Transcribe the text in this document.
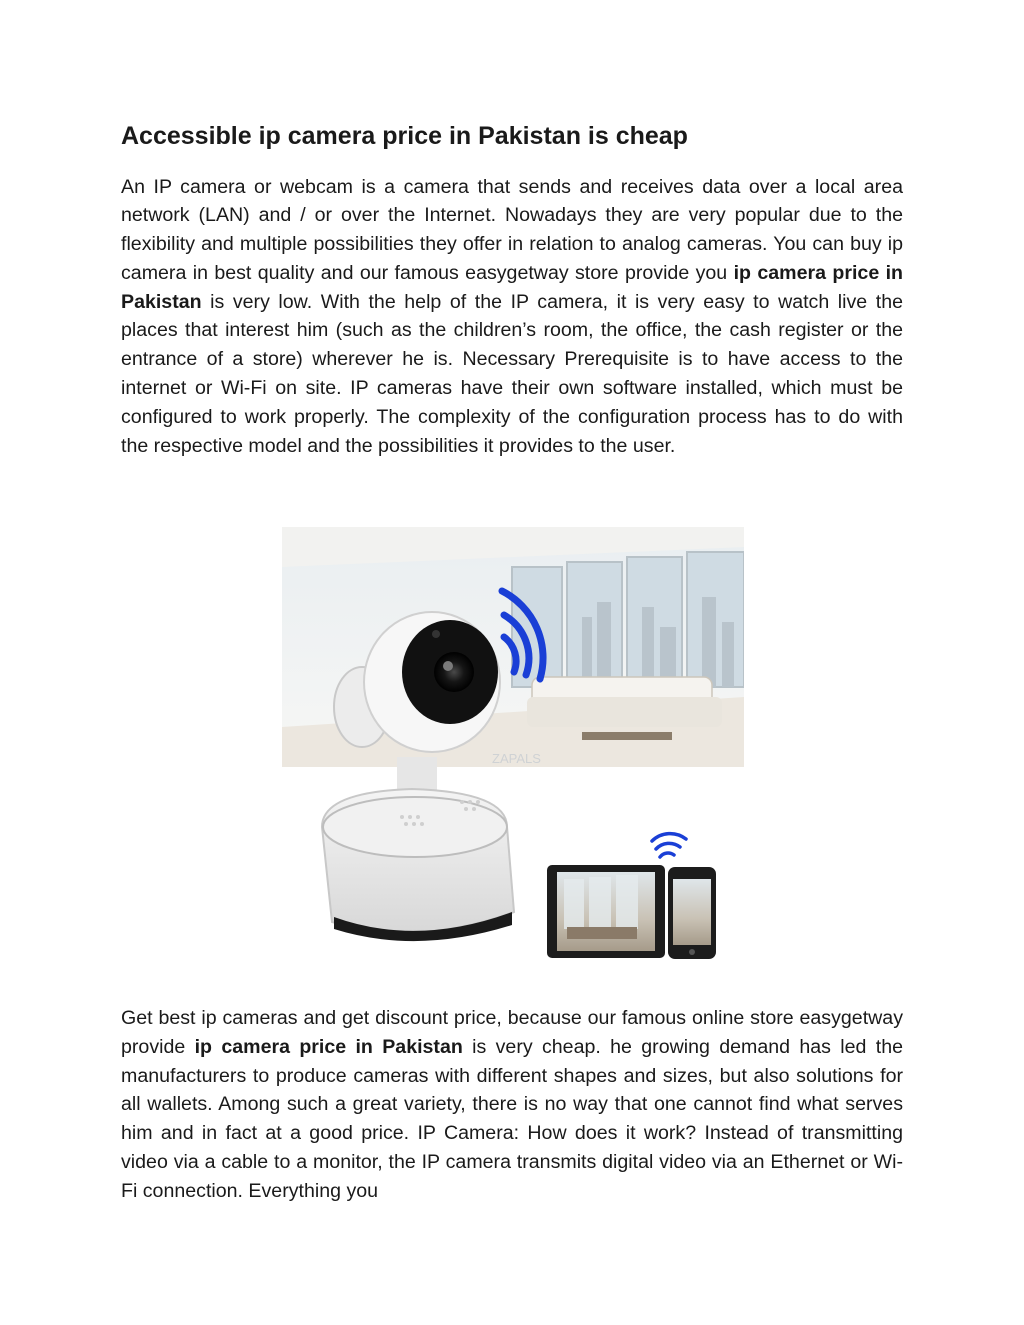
Accessible ip camera price in Pakistan is cheap

An IP camera or webcam is a camera that sends and receives data over a local area network (LAN) and / or over the Internet. Nowadays they are very popular due to the flexibility and multiple possibilities they offer in relation to analog cameras. You can buy ip camera in best quality and our famous easygetway store provide you ip camera price in Pakistan is very low. With the help of the IP camera, it is very easy to watch live the places that interest him (such as the children’s room, the office, the cash register or the entrance of a store) wherever he is. Necessary Prerequisite is to have access to the internet or Wi-Fi on site. IP cameras have their own software installed, which must be configured to work properly. The complexity of the configuration process has to do with the respective model and the possibilities it provides to the user.

ZAPALS

Get best ip cameras and get discount price, because our famous online store easygetway provide ip camera price in Pakistan is very cheap. he growing demand has led the manufacturers to produce cameras with different shapes and sizes, but also solutions for all wallets. Among such a great variety, there is no way that one cannot find what serves him and in fact at a good price. IP Camera: How does it work? Instead of transmitting video via a cable to a monitor, the IP camera transmits digital video via an Ethernet or Wi-Fi connection. Everything you
